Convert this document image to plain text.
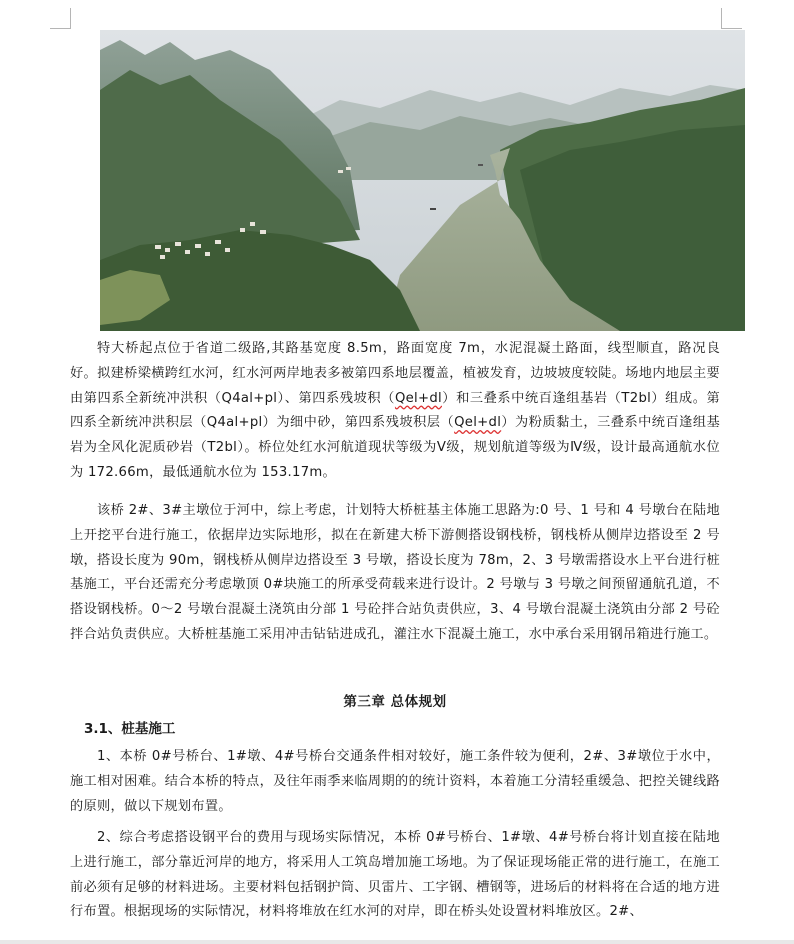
特大桥起点位于省道二级路,其路基宽度 8.5m，路面宽度 7m，水泥混凝土路面，线型顺直，路况良好。拟建桥梁横跨红水河，红水河两岸地表多被第四系地层覆盖，植被发育，边坡坡度较陡。场地内地层主要由第四系全新统冲洪积（Q4al+pl）、第四系残坡积（Qel+dl）和三叠系中统百逢组基岩（T2bl）组成。第四系全新统冲洪积层（Q4al+pl）为细中砂，第四系残坡积层（Qel+dl）为粉质黏土，三叠系中统百逢组基岩为全风化泥质砂岩（T2bl）。桥位处红水河航道现状等级为Ⅴ级，规划航道等级为Ⅳ级，设计最高通航水位为 172.66m，最低通航水位为 153.17m。

该桥 2#、3#主墩位于河中，综上考虑，计划特大桥桩基主体施工思路为:0 号、1 号和 4 号墩台在陆地上开挖平台进行施工，依据岸边实际地形，拟在在新建大桥下游侧搭设钢栈桥，钢栈桥从侧岸边搭设至 2 号墩，搭设长度为 90m，钢栈桥从侧岸边搭设至 3 号墩，搭设长度为 78m，2、3 号墩需搭设水上平台进行桩基施工，平台还需充分考虑墩顶 0#块施工的所承受荷载来进行设计。2 号墩与 3 号墩之间预留通航孔道，不搭设钢栈桥。0～2 号墩台混凝土浇筑由分部 1 号砼拌合站负责供应，3、4 号墩台混凝土浇筑由分部 2 号砼拌合站负责供应。大桥桩基施工采用冲击钻钻进成孔，灌注水下混凝土施工，水中承台采用钢吊箱进行施工。

第三章 总体规划
3.1、桩基施工

1、本桥 0#号桥台、1#墩、4#号桥台交通条件相对较好，施工条件较为便利，2#、3#墩位于水中，施工相对困难。结合本桥的特点，及往年雨季来临周期的的统计资料，本着施工分清轻重缓急、把控关键线路的原则，做以下规划布置。

2、综合考虑搭设钢平台的费用与现场实际情况，本桥 0#号桥台、1#墩、4#号桥台将计划直接在陆地上进行施工，部分靠近河岸的地方，将采用人工筑岛增加施工场地。为了保证现场能正常的进行施工，在施工前必须有足够的材料进场。主要材料包括钢护筒、贝雷片、工字钢、槽钢等，进场后的材料将在合适的地方进行布置。根据现场的实际情况，材料将堆放在红水河的对岸，即在桥头处设置材料堆放区。2#、
